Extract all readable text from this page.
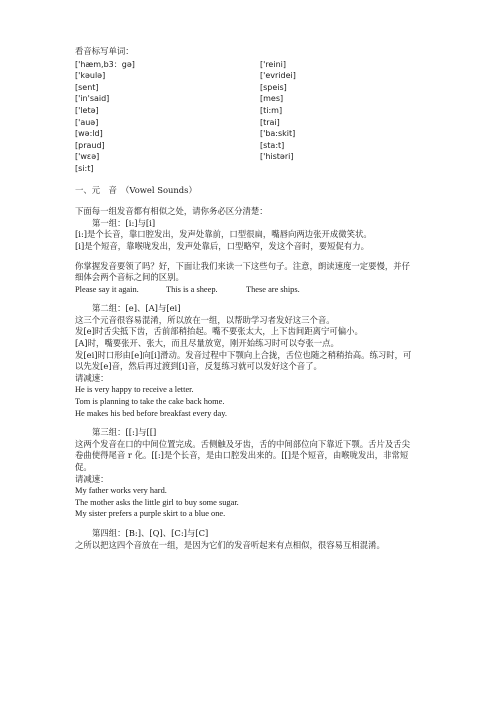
看音标写单词：
['hæm,b3：gə]
['kəulə]
[sent]
['in'said]
['letə]
['auə]
[wə:ld]
[praud]
['wεə]
[si:t]
['reini]
['evridei]
[speis]
[mes]
[ti:m]
[trai]
['ba:skit]
[sta:t]
['histəri]
一、元　音　（Vowel Sounds）
下面每一组发音都有相似之处，请你务必区分清楚：
第一组：[i:]与[i]
[i:]是个长音，靠口腔发出，发声处靠前，口型很扁，嘴唇向两边张开成微笑状。
[i]是个短音，靠喉咙发出，发声处靠后，口型略窄，发这个音时，要短促有力。
你掌握发音要领了吗？好，下面让我们来读一下这些句子。注意，朗读速度一定要慢，并仔
细体会两个音标之间的区别。
Please say it again.	This is a sheep.	These are ships.
第二组：[e]、[A]与[ei]
这三个元音很容易混淆，所以放在一组，以帮助学习者发好这三个音。
发[e]时舌尖抵下齿，舌前部稍抬起。嘴不要张太大，上下齿间距离宁可偏小。
[A]时，嘴要张开、张大，而且尽量放宽，刚开始练习时可以夸张一点。
发[ei]时口形由[e]向[i]滑动。发音过程中下颚向上合拢，舌位也随之稍稍抬高。练习时，可
以先发[e]音，然后再过渡到[i]音，反复练习就可以发好这个音了。
请减速：
He is very happy to receive a letter.
Tom is planning to take the cake back home.
He makes his bed before breakfast every day.
第三组：[[:]与[[]
这两个发音在口的中间位置完成。舌侧触及牙齿，舌的中间部位向下靠近下颚。舌片及舌尖
卷曲使得尾音 r 化。[[:]是个长音，是由口腔发出来的。[[]是个短音，由喉咙发出，非常短
促。
请减速：
My father works very hard.
The mother asks the little girl to buy some sugar.
My sister prefers a purple skirt to a blue one.
第四组：[B:]、[Q]、[C:]与[C]
之所以把这四个音放在一组，是因为它们的发音听起来有点相似，很容易互相混淆。
